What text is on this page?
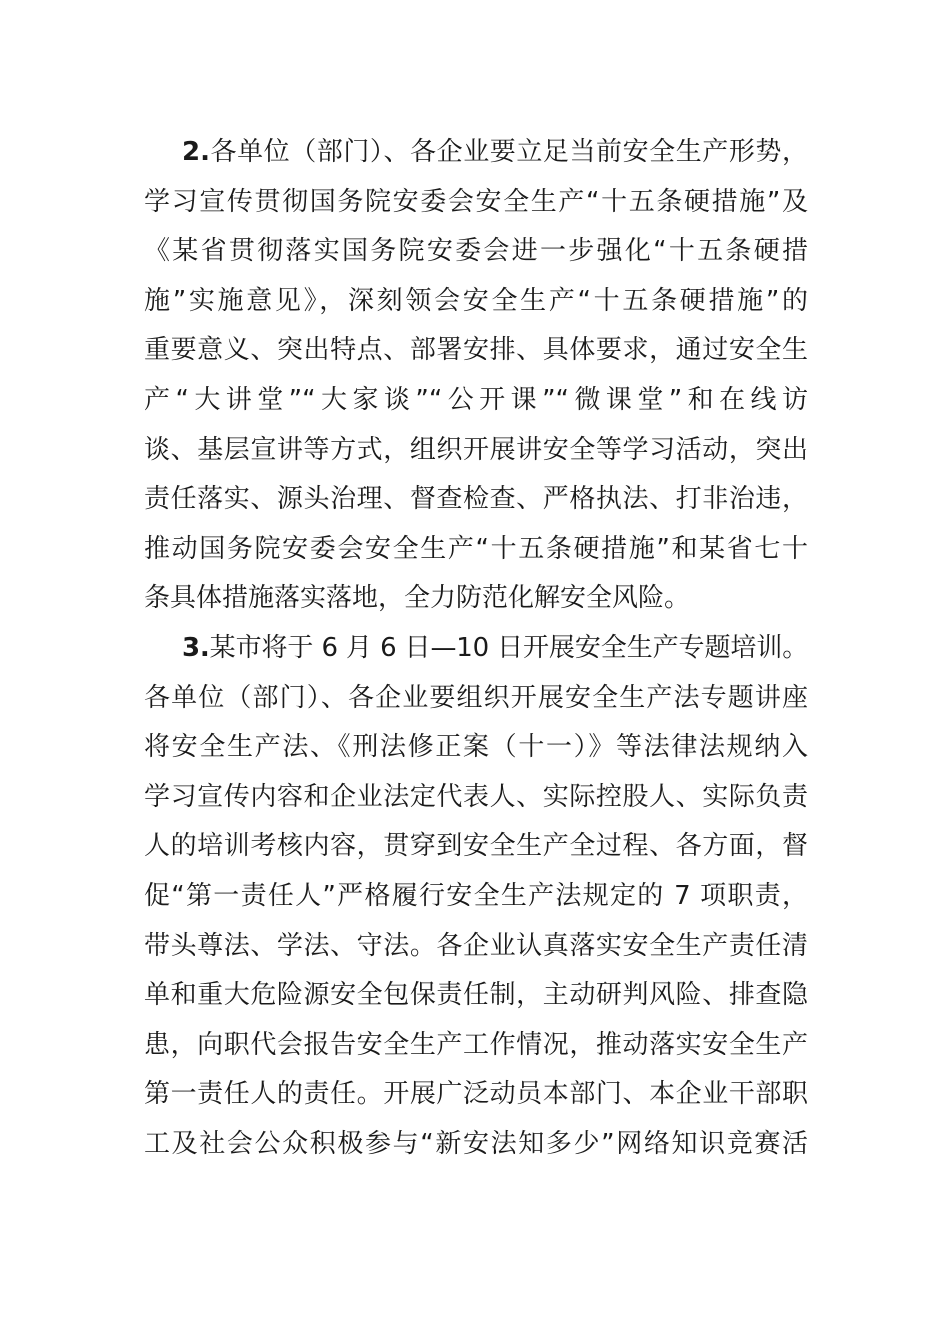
2.各单位（部门）、各企业要立足当前安全生产形势，
学习宣传贯彻国务院安委会安全生产“十五条硬措施”及
《某省贯彻落实国务院安委会进一步强化“十五条硬措
施”实施意见》，深刻领会安全生产“十五条硬措施”的
重要意义、突出特点、部署安排、具体要求，通过安全生
产“大讲堂”“大家谈”“公开课”“微课堂”和在线访
谈、基层宣讲等方式，组织开展讲安全等学习活动，突出
责任落实、源头治理、督查检查、严格执法、打非治违，
推动国务院安委会安全生产“十五条硬措施”和某省七十
条具体措施落实落地，全力防范化解安全风险。
3.某市将于 6 月 6 日—10 日开展安全生产专题培训。
各单位（部门）、各企业要组织开展安全生产法专题讲座
将安全生产法、《刑法修正案（十一）》等法律法规纳入
学习宣传内容和企业法定代表人、实际控股人、实际负责
人的培训考核内容，贯穿到安全生产全过程、各方面，督
促“第一责任人”严格履行安全生产法规定的 7 项职责，
带头尊法、学法、守法。各企业认真落实安全生产责任清
单和重大危险源安全包保责任制，主动研判风险、排查隐
患，向职代会报告安全生产工作情况，推动落实安全生产
第一责任人的责任。开展广泛动员本部门、本企业干部职
工及社会公众积极参与“新安法知多少”网络知识竞赛活
